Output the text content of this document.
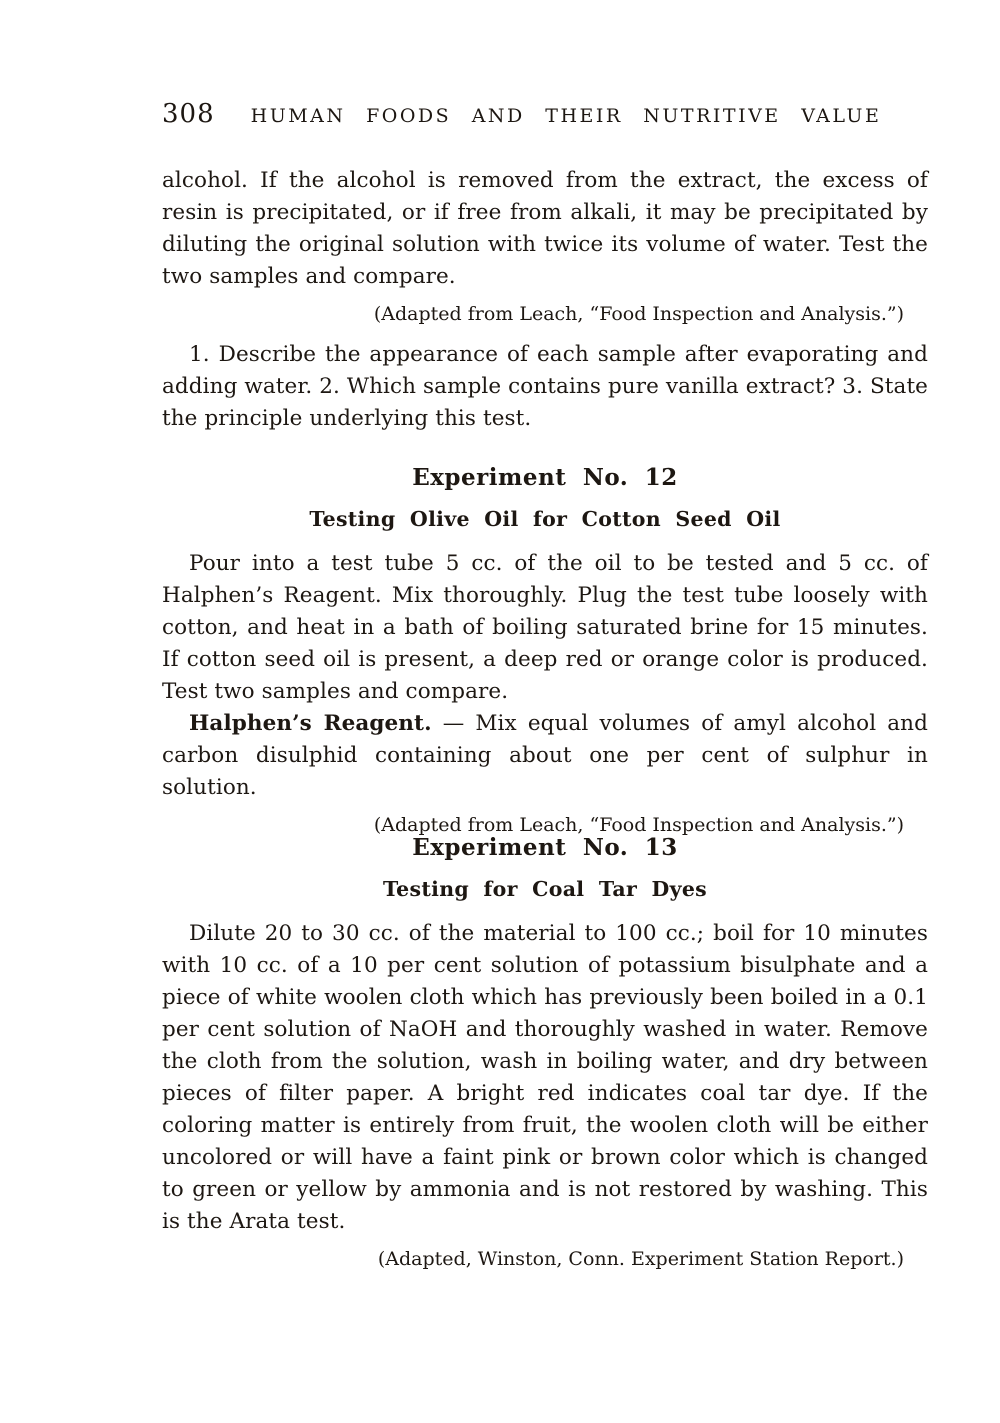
308 HUMAN FOODS AND THEIR NUTRITIVE VALUE

alcohol. If the alcohol is removed from the extract, the excess of resin is precipitated, or if free from alkali, it may be precipitated by diluting the original solution with twice its volume of water. Test the two samples and compare.

(Adapted from Leach, “Food Inspection and Analysis.”)

1. Describe the appearance of each sample after evaporating and adding water. 2. Which sample contains pure vanilla extract? 3. State the principle underlying this test.

Experiment No. 12
Testing Olive Oil for Cotton Seed Oil

Pour into a test tube 5 cc. of the oil to be tested and 5 cc. of Halphen’s Reagent. Mix thoroughly. Plug the test tube loosely with cotton, and heat in a bath of boiling saturated brine for 15 minutes. If cotton seed oil is present, a deep red or orange color is produced. Test two samples and compare.

Halphen’s Reagent. — Mix equal volumes of amyl alcohol and carbon disulphid containing about one per cent of sulphur in solution.

(Adapted from Leach, “Food Inspection and Analysis.”)

Experiment No. 13
Testing for Coal Tar Dyes

Dilute 20 to 30 cc. of the material to 100 cc.; boil for 10 minutes with 10 cc. of a 10 per cent solution of potassium bisulphate and a piece of white woolen cloth which has previously been boiled in a 0.1 per cent solution of NaOH and thoroughly washed in water. Remove the cloth from the solution, wash in boiling water, and dry between pieces of filter paper. A bright red indicates coal tar dye. If the coloring matter is entirely from fruit, the woolen cloth will be either uncolored or will have a faint pink or brown color which is changed to green or yellow by ammonia and is not restored by washing. This is the Arata test.

(Adapted, Winston, Conn. Experiment Station Report.)
